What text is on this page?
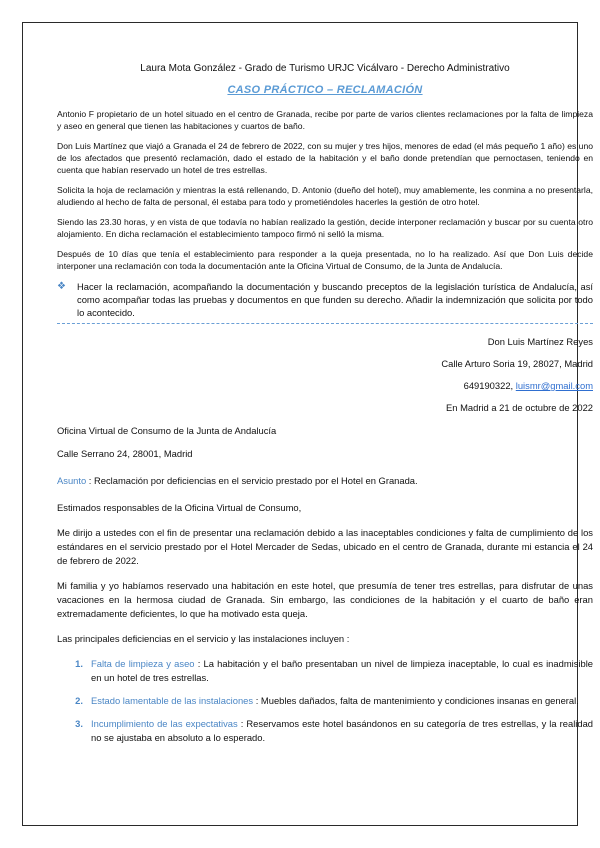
Laura Mota González - Grado de Turismo URJC Vicálvaro - Derecho Administrativo
CASO PRÁCTICO – RECLAMACIÓN

Antonio F propietario de un hotel situado en el centro de Granada, recibe por parte de varios clientes reclamaciones por la falta de limpieza y aseo en general que tienen las habitaciones y cuartos de baño.

Don Luis Martínez que viajó a Granada el 24 de febrero de 2022, con su mujer y tres hijos, menores de edad (el más pequeño 1 año) es uno de los afectados que presentó reclamación, dado el estado de la habitación y el baño donde pretendían que pernoctasen, teniendo en cuenta que habían reservado un hotel de tres estrellas.

Solicita la hoja de reclamación y mientras la está rellenando, D. Antonio (dueño del hotel), muy amablemente, les conmina a no presentarla, aludiendo al hecho de falta de personal, él estaba para todo y prometiéndoles hacerles la gestión de otro hotel.

Siendo las 23.30 horas, y en vista de que todavía no habían realizado la gestión, decide interponer reclamación y buscar por su cuenta otro alojamiento. En dicha reclamación el establecimiento tampoco firmó ni selló la misma.

Después de 10 días que tenía el establecimiento para responder a la queja presentada, no lo ha realizado. Así que Don Luis decide interponer una reclamación con toda la documentación ante la Oficina Virtual de Consumo, de la Junta de Andalucía.

❖	Hacer la reclamación, acompañando la documentación y buscando preceptos de la legislación turística de Andalucía, así como acompañar todas las pruebas y documentos en que funden su derecho. Añadir la indemnización que solicita por todo lo acontecido.
Don Luis Martínez Reyes
Calle Arturo Soria 19, 28027, Madrid
649190322, luismr@gmail.com
En Madrid a 21 de octubre de 2022
Oficina Virtual de Consumo de la Junta de Andalucía
Calle Serrano 24, 28001, Madrid
Asunto : Reclamación por deficiencias en el servicio prestado por el Hotel en Granada.

Estimados responsables de la Oficina Virtual de Consumo,

Me dirijo a ustedes con el fin de presentar una reclamación debido a las inaceptables condiciones y falta de cumplimiento de los estándares en el servicio prestado por el Hotel Mercader de Sedas, ubicado en el centro de Granada, durante mi estancia el 24 de febrero de 2022.

Mi familia y yo habíamos reservado una habitación en este hotel, que presumía de tener tres estrellas, para disfrutar de unas vacaciones en la hermosa ciudad de Granada. Sin embargo, las condiciones de la habitación y el cuarto de baño eran extremadamente deficientes, lo que ha motivado esta queja.

Las principales deficiencias en el servicio y las instalaciones incluyen :

1. Falta de limpieza y aseo : La habitación y el baño presentaban un nivel de limpieza inaceptable, lo cual es inadmisible en un hotel de tres estrellas.
2. Estado lamentable de las instalaciones : Muebles dañados, falta de mantenimiento y condiciones insanas en general.
3. Incumplimiento de las expectativas : Reservamos este hotel basándonos en su categoría de tres estrellas, y la realidad no se ajustaba en absoluto a lo esperado.
